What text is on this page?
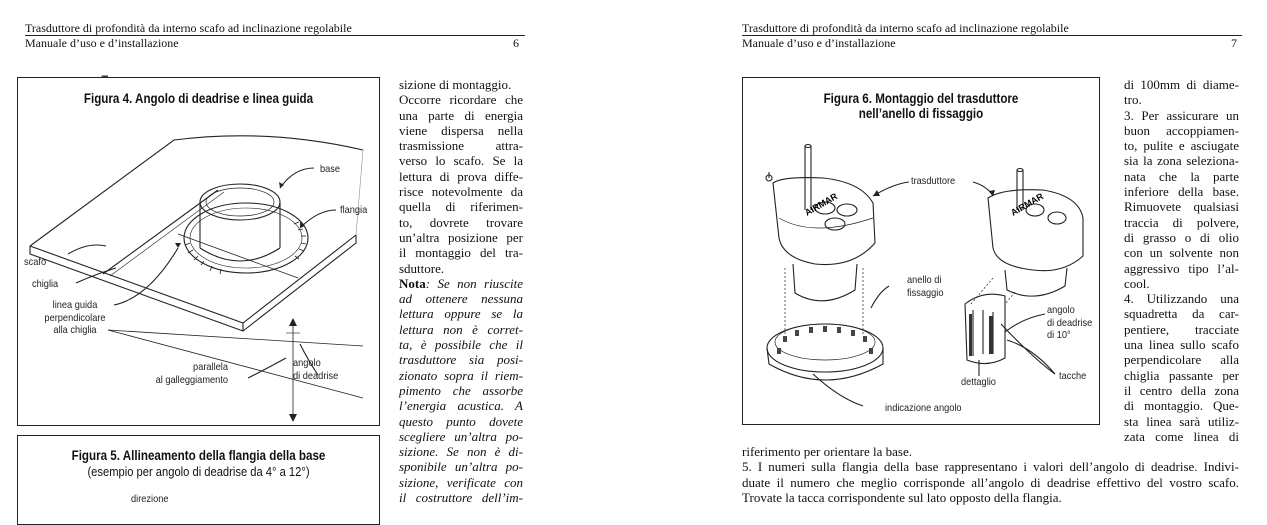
Trasduttore di profondità da interno scafo ad inclinazione regolabile
Manuale d’uso e d’installazione	6
Figura 4. Angolo di deadrise e linea guida
base
flangia
scafo
chiglia
linea guida
perpendicolare
alla chiglia
parallela
al galleggiamento
angolo
di deadrise
Figura 5. Allineamento della flangia della base
(esempio per angolo di deadrise da 4° a 12°)
direzione
sizione di montaggio.
Occorre ricordare che
una parte di energia
viene dispersa nella
trasmissione attra-
verso lo scafo. Se la
lettura di prova diffe-
risce notevolmente da
quella di riferimen-
to, dovrete trovare
un’altra posizione per
il montaggio del tra-
sduttore.
Nota: Se non riuscite
ad ottenere nessuna
lettura oppure se la
lettura non è corret-
ta, è possibile che il
trasduttore sia posi-
zionato sopra il riem-
pimento che assorbe
l’energia acustica. A
questo punto dovete
scegliere un’altra po-
sizione. Se non è di-
sponibile un’altra po-
sizione, verificate con
il costruttore dell’im-
Trasduttore di profondità da interno scafo ad inclinazione regolabile
Manuale d’uso e d’installazione	7
Figura 6. Montaggio del trasduttore
nell’anello di fissaggio
AIRMAR	AIRMAR
trasduttore
anello di
fissaggio
angolo
di deadrise
di 10°
tacche
dettaglio
indicazione angolo
di 100mm di diame-
tro.
3. Per assicurare un
buon accoppiamen-
to, pulite e asciugate
sia la zona seleziona-
nata che la parte
inferiore della base.
Rimuovete qualsiasi
traccia di polvere,
di grasso o di olio
con un solvente non
aggressivo tipo l’al-
cool.
4. Utilizzando una
squadretta da car-
pentiere, tracciate
una linea sullo scafo
perpendicolare alla
chiglia passante per
il centro della zona
di montaggio. Que-
sta linea sarà utiliz-
zata come linea di
riferimento per orientare la base.
5. I numeri sulla flangia della base rappresentano i valori dell’angolo di deadrise. Indivi-
duate il numero che meglio corrisponde all’angolo di deadrise effettivo del vostro scafo.
Trovate la tacca corrispondente sul lato opposto della flangia.
